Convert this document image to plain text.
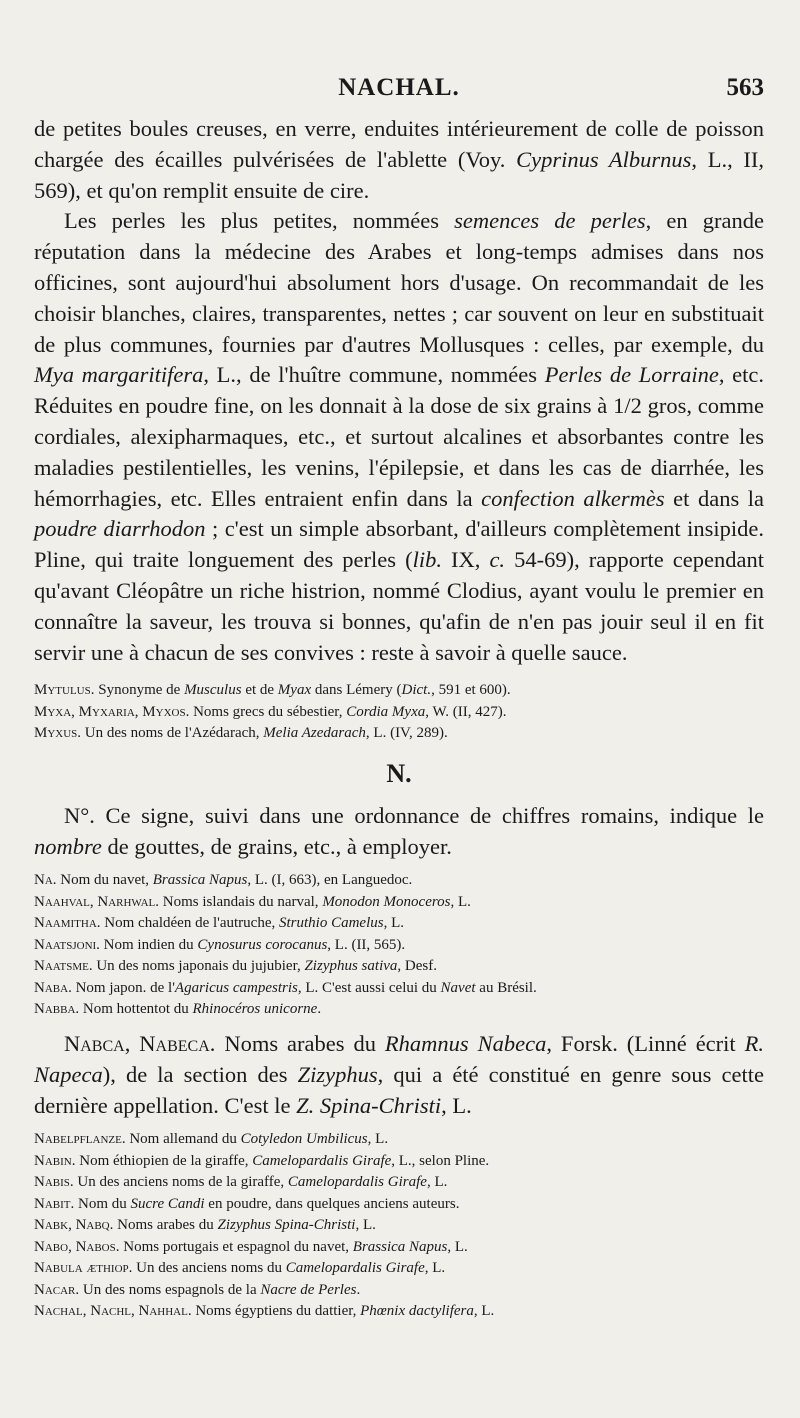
NACHAL.	563

de petites boules creuses, en verre, enduites intérieurement de colle de poisson chargée des écailles pulvérisées de l'ablette (Voy. Cyprinus Alburnus, L., II, 569), et qu'on remplit ensuite de cire.

Les perles les plus petites, nommées semences de perles, en grande réputation dans la médecine des Arabes et long-temps admises dans nos officines, sont aujourd'hui absolument hors d'usage. On recommandait de les choisir blanches, claires, transparentes, nettes ; car souvent on leur en substituait de plus communes, fournies par d'autres Mollusques : celles, par exemple, du Mya margaritifera, L., de l'huître commune, nommées Perles de Lorraine, etc. Réduites en poudre fine, on les donnait à la dose de six grains à 1/2 gros, comme cordiales, alexipharmaques, etc., et surtout alcalines et absorbantes contre les maladies pestilentielles, les venins, l'épilepsie, et dans les cas de diarrhée, les hémorrhagies, etc. Elles entraient enfin dans la confection alkermès et dans la poudre diarrhodon ; c'est un simple absorbant, d'ailleurs complètement insipide. Pline, qui traite longuement des perles (lib. IX, c. 54-69), rapporte cependant qu'avant Cléopâtre un riche histrion, nommé Clodius, ayant voulu le premier en connaître la saveur, les trouva si bonnes, qu'afin de n'en pas jouir seul il en fit servir une à chacun de ses convives : reste à savoir à quelle sauce.

Mytulus. Synonyme de Musculus et de Myax dans Lémery (Dict., 591 et 600).

Myxa, Myxaria, Myxos. Noms grecs du sébestier, Cordia Myxa, W. (II, 427).

Myxus. Un des noms de l'Azédarach, Melia Azedarach, L. (IV, 289).

N.

N°. Ce signe, suivi dans une ordonnance de chiffres romains, indique le nombre de gouttes, de grains, etc., à employer.

Na. Nom du navet, Brassica Napus, L. (I, 663), en Languedoc.

Naahval, Narhwal. Noms islandais du narval, Monodon Monoceros, L.

Naamitha. Nom chaldéen de l'autruche, Struthio Camelus, L.

Naatsjoni. Nom indien du Cynosurus corocanus, L. (II, 565).

Naatsme. Un des noms japonais du jujubier, Zizyphus sativa, Desf.

Naba. Nom japon. de l'Agaricus campestris, L. C'est aussi celui du Navet au Brésil.

Nabba. Nom hottentot du Rhinocéros unicorne.

Nabca, Nabeca. Noms arabes du Rhamnus Nabeca, Forsk. (Linné écrit R. Napeca), de la section des Zizyphus, qui a été constitué en genre sous cette dernière appellation. C'est le Z. Spina-Christi, L.

Nabelpflanze. Nom allemand du Cotyledon Umbilicus, L.

Nabin. Nom éthiopien de la giraffe, Camelopardalis Girafe, L., selon Pline.

Nabis. Un des anciens noms de la giraffe, Camelopardalis Girafe, L.

Nabit. Nom du Sucre Candi en poudre, dans quelques anciens auteurs.

Nabk, Nabq. Noms arabes du Zizyphus Spina-Christi, L.

Nabo, Nabos. Noms portugais et espagnol du navet, Brassica Napus, L.

Nabula æthiop. Un des anciens noms du Camelopardalis Girafe, L.

Nacar. Un des noms espagnols de la Nacre de Perles.

Nachal, Nachl, Nahhal. Noms égyptiens du dattier, Phœnix dactylifera, L.
